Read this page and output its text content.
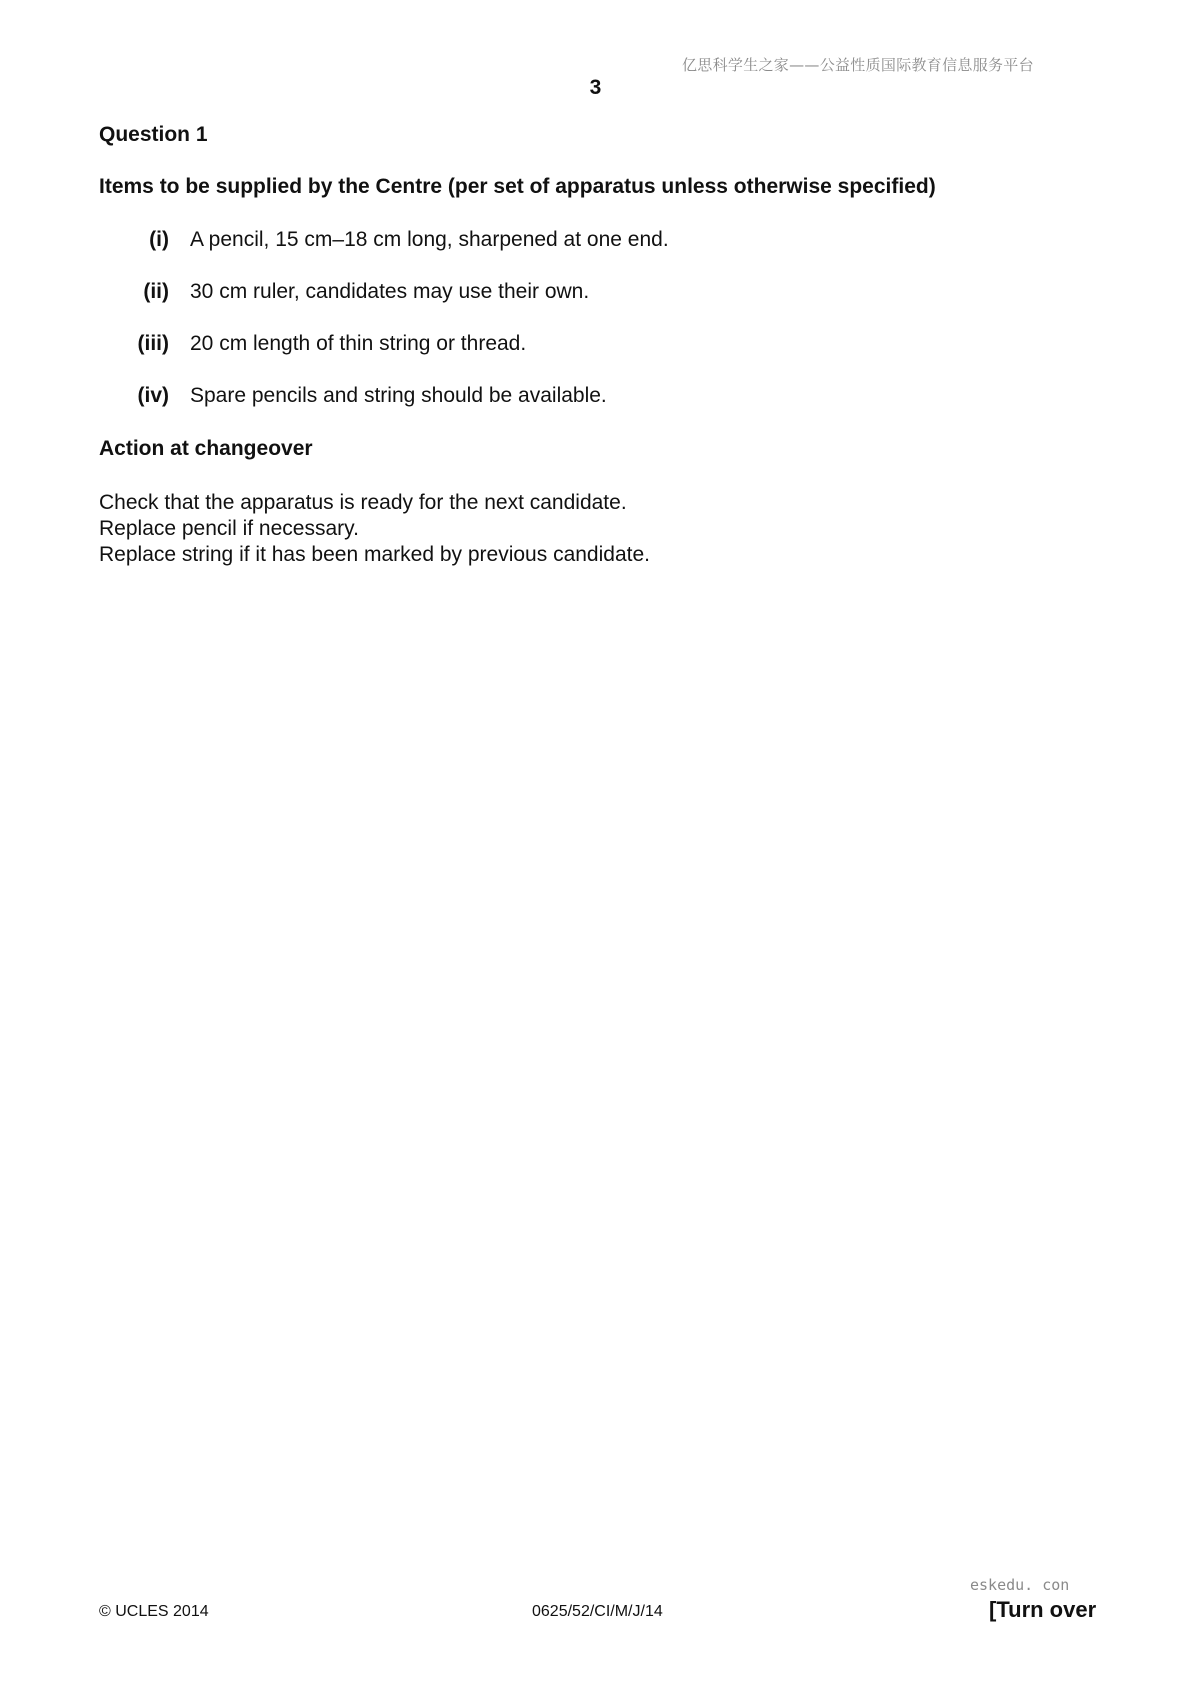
亿思科学生之家——公益性质国际教育信息服务平台
3
Question 1
Items to be supplied by the Centre (per set of apparatus unless otherwise specified)
(i) A pencil, 15 cm–18 cm long, sharpened at one end.
(ii) 30 cm ruler, candidates may use their own.
(iii) 20 cm length of thin string or thread.
(iv) Spare pencils and string should be available.
Action at changeover
Check that the apparatus is ready for the next candidate.
Replace pencil if necessary.
Replace string if it has been marked by previous candidate.
eskedu. con
© UCLES 2014	0625/52/CI/M/J/14	[Turn over
